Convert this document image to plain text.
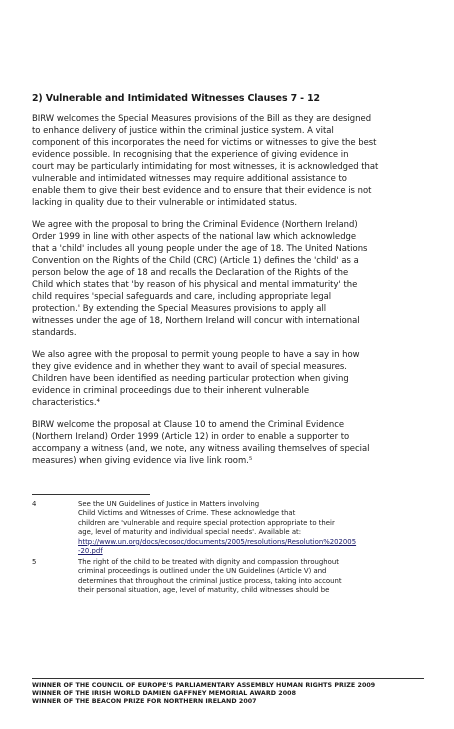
2) Vulnerable and Intimidated Witnesses Clauses 7 - 12

BIRW welcomes the Special Measures provisions of the Bill as they are designed
to enhance delivery of justice within the criminal justice system. A vital
component of this incorporates the need for victims or witnesses to give the best
evidence possible. In recognising that the experience of giving evidence in
court may be particularly intimidating for most witnesses, it is acknowledged that
vulnerable and intimidated witnesses may require additional assistance to
enable them to give their best evidence and to ensure that their evidence is not
lacking in quality due to their vulnerable or intimidated status.

We agree with the proposal to bring the Criminal Evidence (Northern Ireland)
Order 1999 in line with other aspects of the national law which acknowledge
that a 'child' includes all young people under the age of 18. The United Nations
Convention on the Rights of the Child (CRC) (Article 1) defines the 'child' as a
person below the age of 18 and recalls the Declaration of the Rights of the
Child which states that 'by reason of his physical and mental immaturity' the
child requires 'special safeguards and care, including appropriate legal
protection.' By extending the Special Measures provisions to apply all
witnesses under the age of 18, Northern Ireland will concur with international
standards.

We also agree with the proposal to permit young people to have a say in how
they give evidence and in whether they want to avail of special measures.
Children have been identified as needing particular protection when giving
evidence in criminal proceedings due to their inherent vulnerable
characteristics.⁴

BIRW welcome the proposal at Clause 10 to amend the Criminal Evidence
(Northern Ireland) Order 1999 (Article 12) in order to enable a supporter to
accompany a witness (and, we note, any witness availing themselves of special
measures) when giving evidence via live link room.⁵

4	See the UN Guidelines of Justice in Matters involving
Child Victims and Witnesses of Crime. These acknowledge that
children are 'vulnerable and require special protection appropriate to their
age, level of maturity and individual special needs'. Available at:
http://www.un.org/docs/ecosoc/documents/2005/resolutions/Resolution%202005
-20.pdf
5	The right of the child to be treated with dignity and compassion throughout
criminal proceedings is outlined under the UN Guidelines (Article V) and
determines that throughout the criminal justice process, taking into account
their personal situation, age, level of maturity, child witnesses should be
WINNER OF THE COUNCIL OF EUROPE'S PARLIAMENTARY ASSEMBLY HUMAN RIGHTS PRIZE 2009
WINNER OF THE IRISH WORLD DAMIEN GAFFNEY MEMORIAL AWARD 2008
WINNER OF THE BEACON PRIZE FOR NORTHERN IRELAND 2007
